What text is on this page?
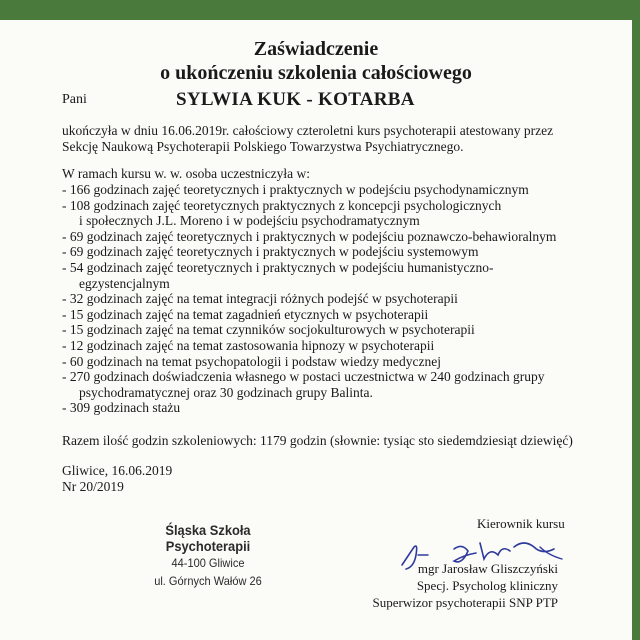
Zaświadczenie
o ukończeniu szkolenia całościowego
Pani	SYLWIA KUK - KOTARBA
ukończyła w dniu 16.06.2019r. całościowy czteroletni kurs psychoterapii atestowany przez
Sekcję Naukową Psychoterapii Polskiego Towarzystwa Psychiatrycznego.
W ramach kursu w. w. osoba uczestniczyła w:
- 166 godzinach zajęć teoretycznych i praktycznych w podejściu psychodynamicznym
- 108 godzinach zajęć teoretycznych praktycznych z koncepcji psychologicznych
i społecznych J.L. Moreno i w podejściu psychodramatycznym
- 69 godzinach zajęć teoretycznych i praktycznych w podejściu poznawczo-behawioralnym
- 69 godzinach zajęć teoretycznych i praktycznych w podejściu systemowym
- 54 godzinach zajęć teoretycznych i praktycznych w podejściu humanistyczno-
egzystencjalnym
- 32 godzinach zajęć na temat integracji różnych podejść w psychoterapii
- 15 godzinach zajęć na temat zagadnień etycznych w psychoterapii
- 15 godzinach zajęć na temat czynników socjokulturowych w psychoterapii
- 12 godzinach zajęć na temat zastosowania hipnozy w psychoterapii
- 60 godzinach na temat psychopatologii i podstaw wiedzy medycznej
- 270 godzinach doświadczenia własnego w postaci uczestnictwa w 240 godzinach grupy
psychodramatycznej oraz 30 godzinach grupy Balinta.
- 309 godzinach stażu
Razem ilość godzin szkoleniowych: 1179 godzin (słownie: tysiąc sto siedemdziesiąt dziewięć)
Gliwice, 16.06.2019
Nr 20/2019
Kierownik kursu
Śląska Szkoła Psychoterapii
44-100 Gliwice
ul. Górnych Wałów 26
mgr Jarosław Gliszczyński
Specj. Psycholog kliniczny
Superwizor psychoterapii SNP PTP
